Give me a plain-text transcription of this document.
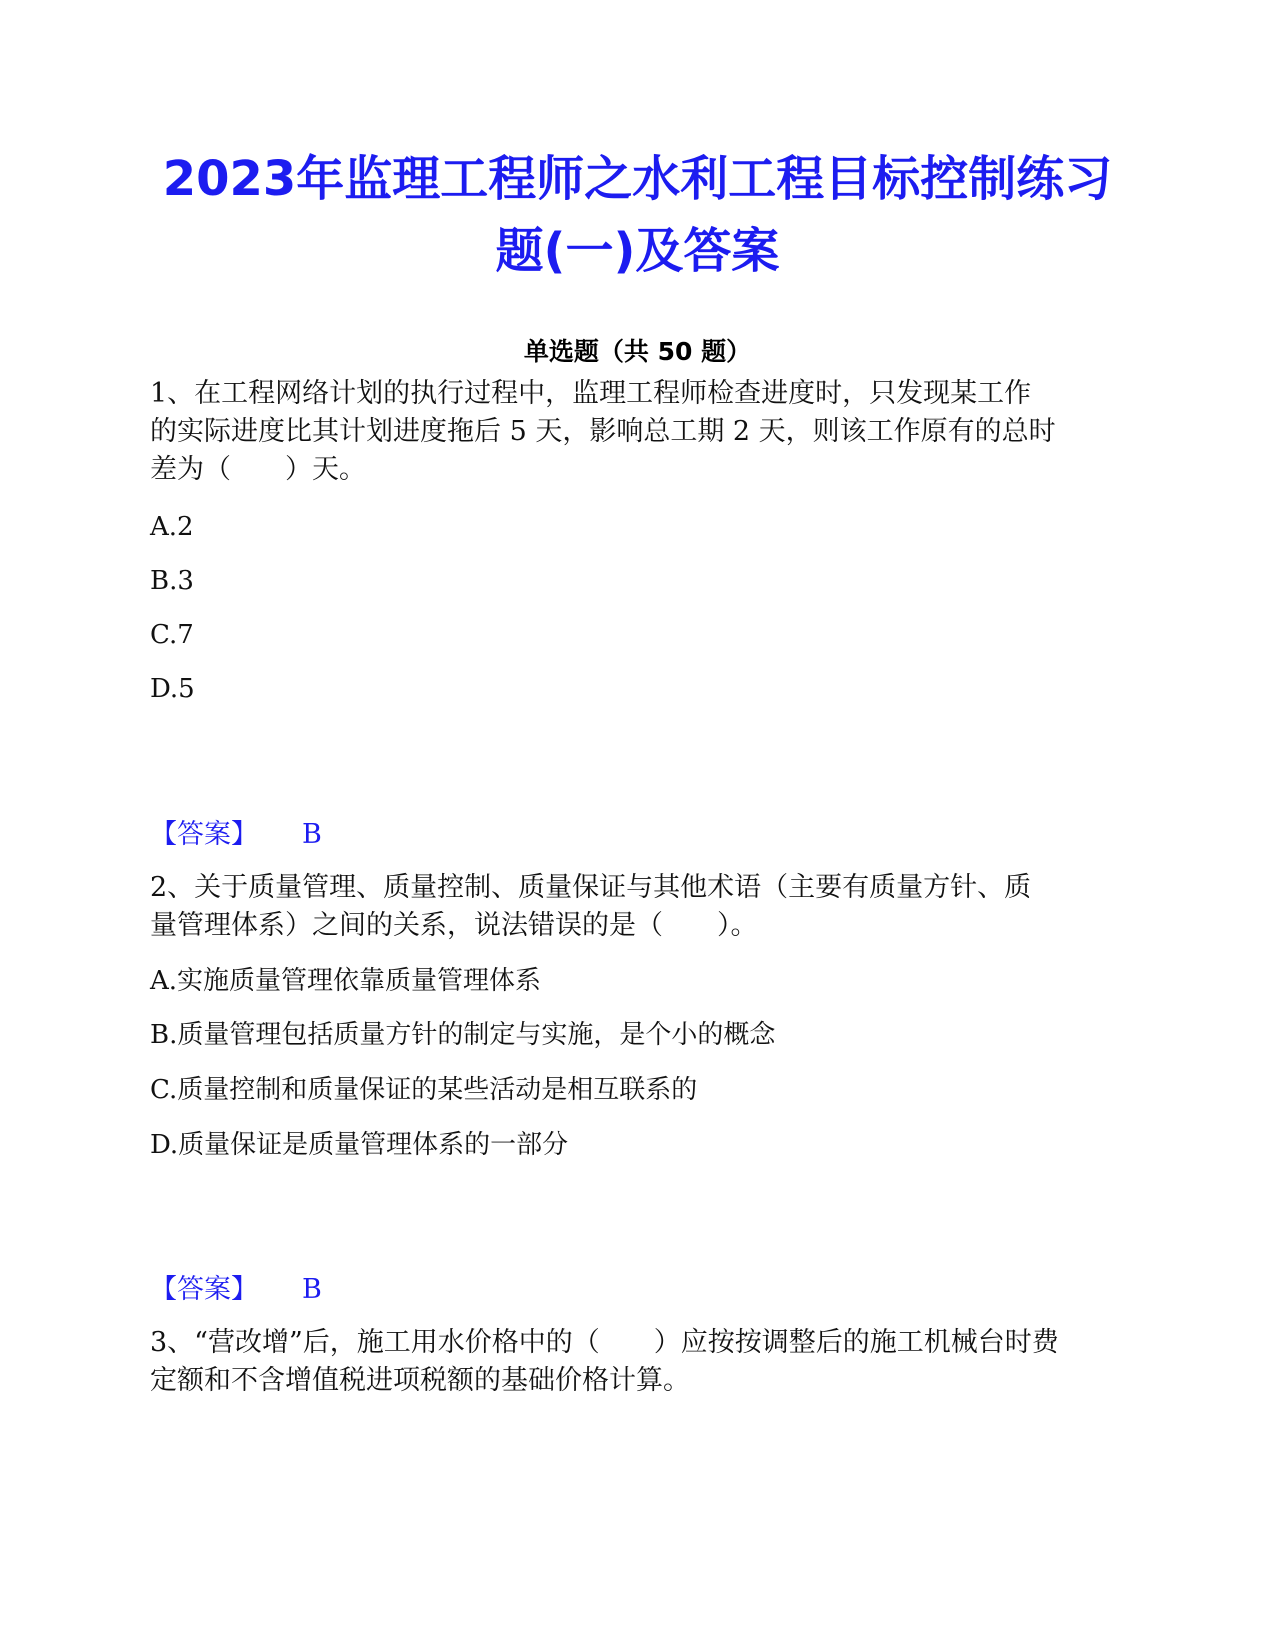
2023年监理工程师之水利工程目标控制练习
题(一)及答案
单选题（共 50 题）
1、在工程网络计划的执行过程中，监理工程师检查进度时，只发现某工作
的实际进度比其计划进度拖后 5 天，影响总工期 2 天，则该工作原有的总时
差为（　　）天。
A.2
B.3
C.7
D.5
【答案】 B
2、关于质量管理、质量控制、质量保证与其他术语（主要有质量方针、质
量管理体系）之间的关系，说法错误的是（　　）。
A.实施质量管理依靠质量管理体系
B.质量管理包括质量方针的制定与实施，是个小的概念
C.质量控制和质量保证的某些活动是相互联系的
D.质量保证是质量管理体系的一部分
【答案】 B
3、“营改增”后，施工用水价格中的（　　）应按按调整后的施工机械台时费
定额和不含增值税进项税额的基础价格计算。
